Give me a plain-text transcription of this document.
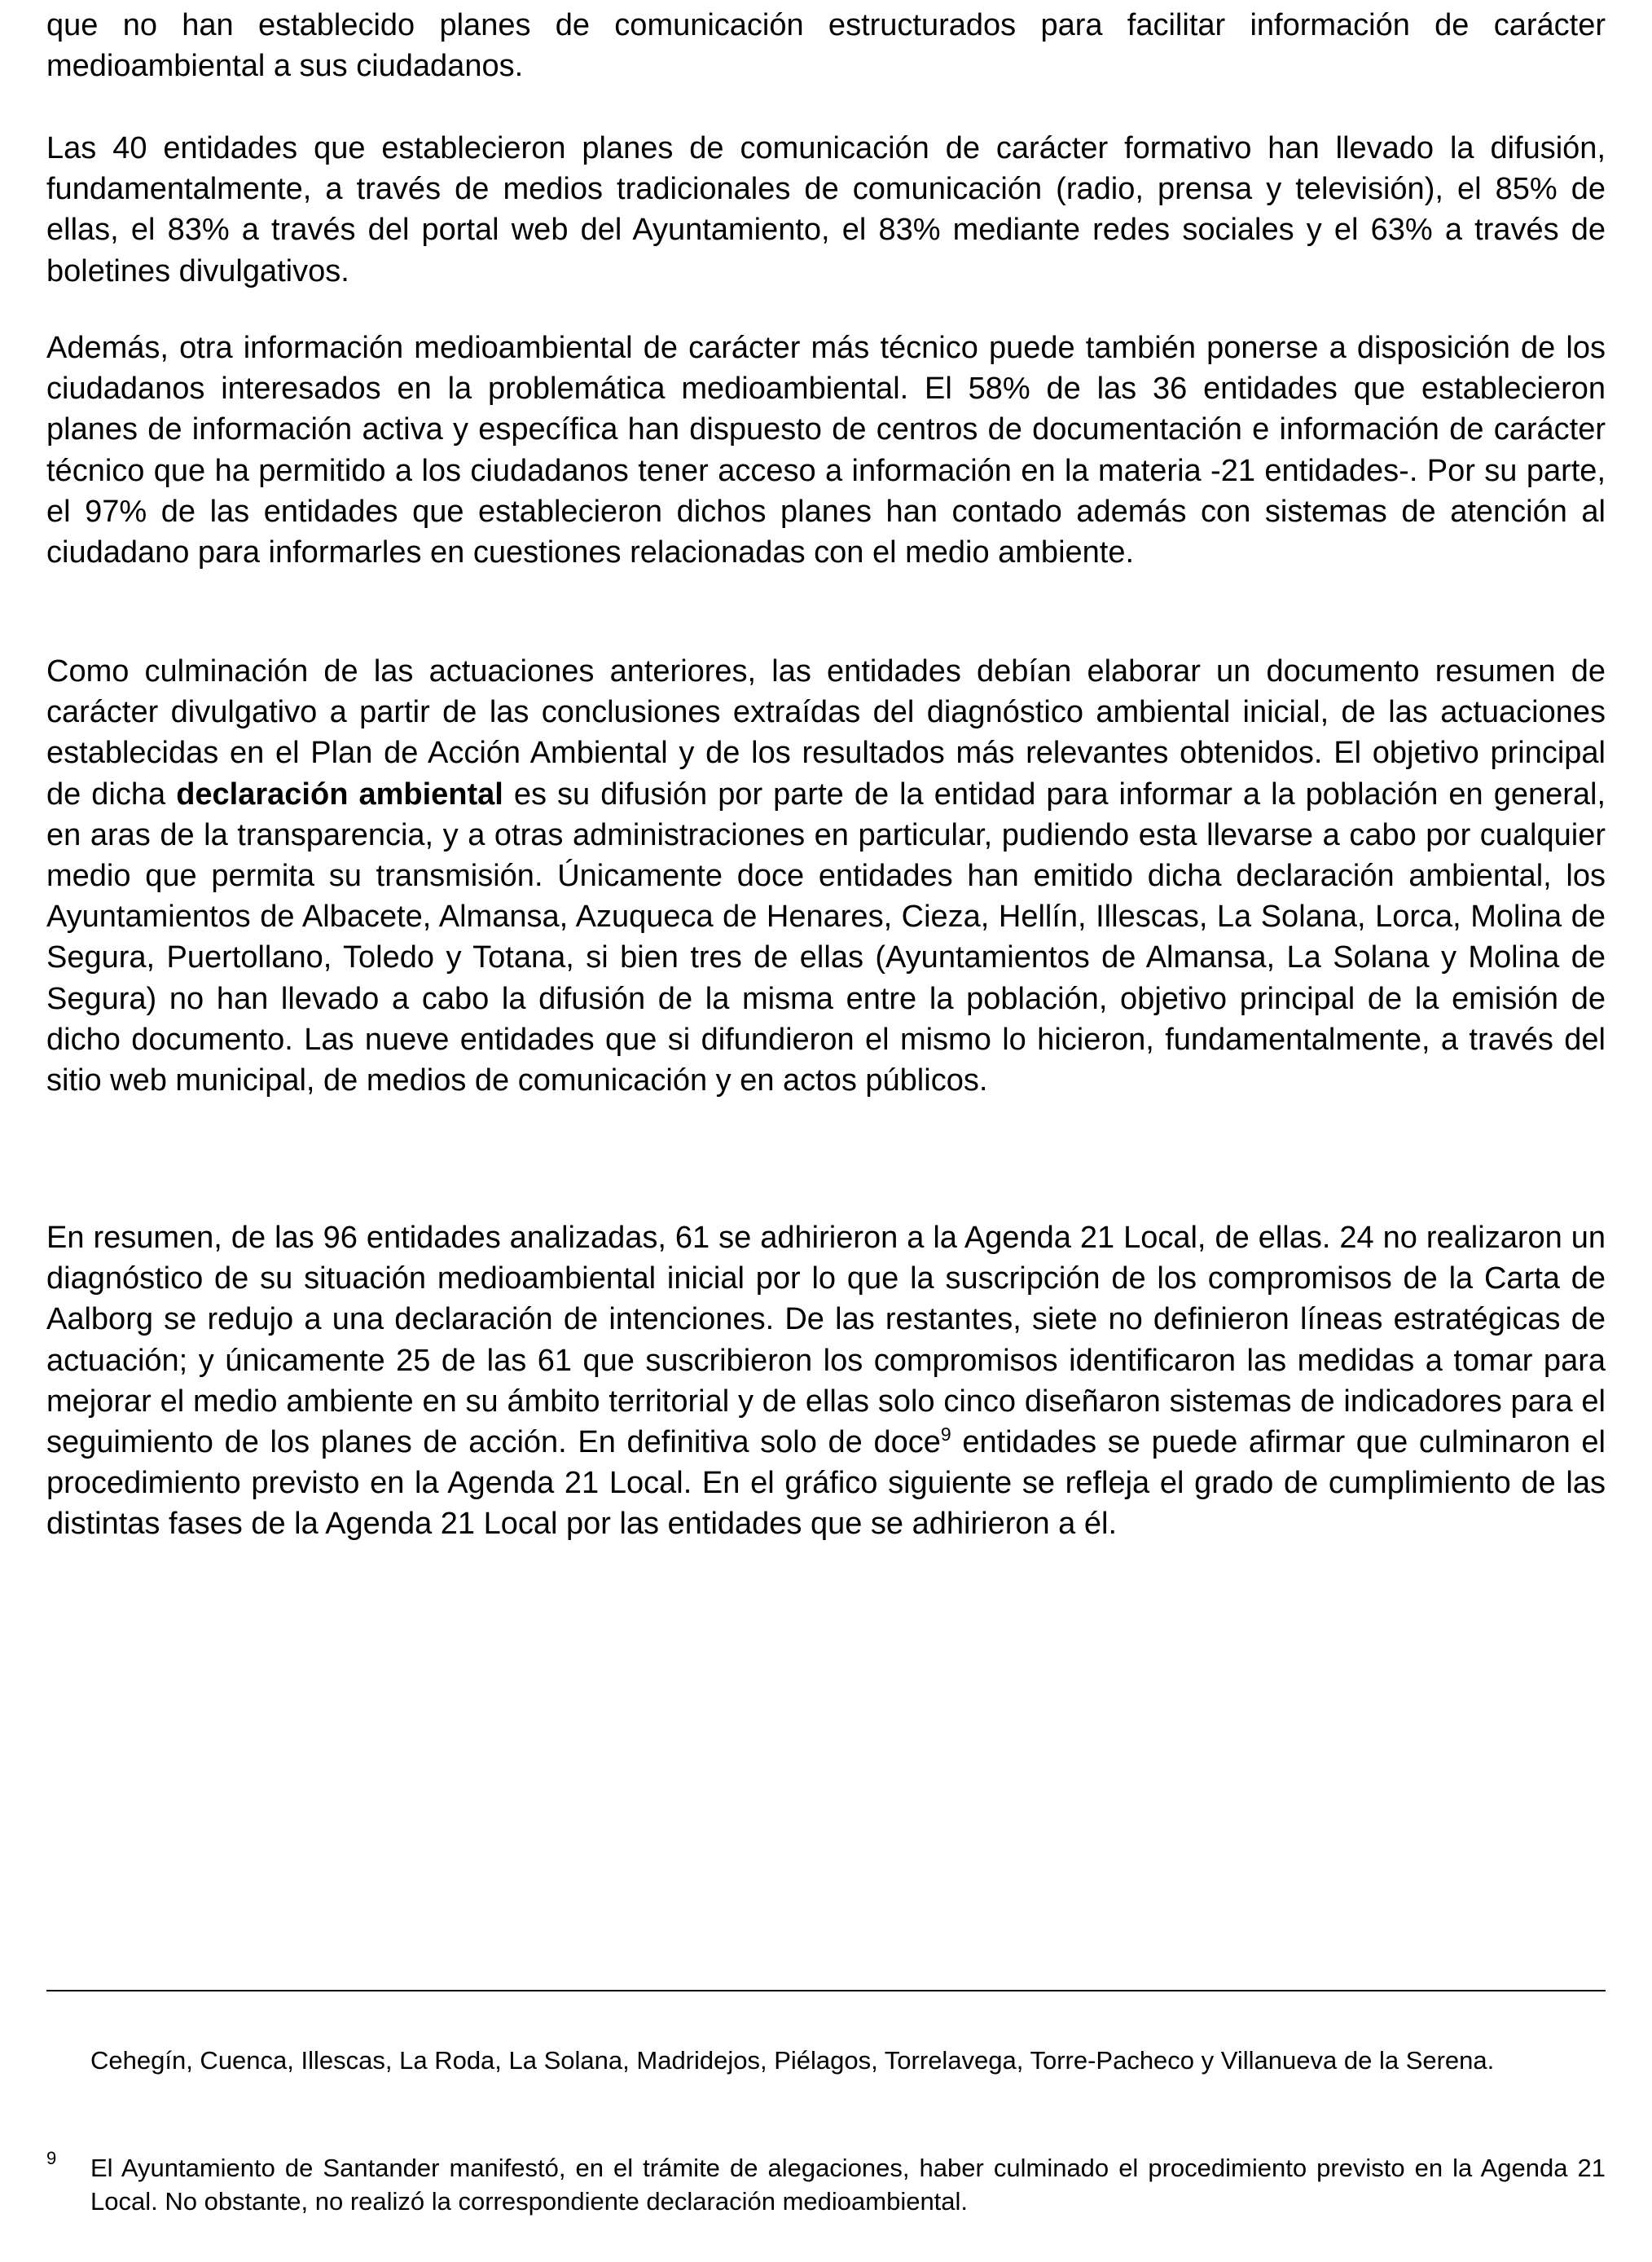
que no han establecido planes de comunicación estructurados para facilitar información de carácter medioambiental a sus ciudadanos.

Las 40 entidades que establecieron planes de comunicación de carácter formativo han llevado la difusión, fundamentalmente, a través de medios tradicionales de comunicación (radio, prensa y televisión), el 85% de ellas, el 83% a través del portal web del Ayuntamiento, el 83% mediante redes sociales y el 63% a través de boletines divulgativos.

Además, otra información medioambiental de carácter más técnico puede también ponerse a disposición de los ciudadanos interesados en la problemática medioambiental. El 58% de las 36 entidades que establecieron planes de información activa y específica han dispuesto de centros de documentación e información de carácter técnico que ha permitido a los ciudadanos tener acceso a información en la materia -21 entidades-. Por su parte, el 97% de las entidades que establecieron dichos planes han contado además con sistemas de atención al ciudadano para informarles en cuestiones relacionadas con el medio ambiente.

Como culminación de las actuaciones anteriores, las entidades debían elaborar un documento resumen de carácter divulgativo a partir de las conclusiones extraídas del diagnóstico ambiental inicial, de las actuaciones establecidas en el Plan de Acción Ambiental y de los resultados más relevantes obtenidos. El objetivo principal de dicha declaración ambiental es su difusión por parte de la entidad para informar a la población en general, en aras de la transparencia, y a otras administraciones en particular, pudiendo esta llevarse a cabo por cualquier medio que permita su transmisión. Únicamente doce entidades han emitido dicha declaración ambiental, los Ayuntamientos de Albacete, Almansa, Azuqueca de Henares, Cieza, Hellín, Illescas, La Solana, Lorca, Molina de Segura, Puertollano, Toledo y Totana, si bien tres de ellas (Ayuntamientos de Almansa, La Solana y Molina de Segura) no han llevado a cabo la difusión de la misma entre la población, objetivo principal de la emisión de dicho documento. Las nueve entidades que si difundieron el mismo lo hicieron, fundamentalmente, a través del sitio web municipal, de medios de comunicación y en actos públicos.

En resumen, de las 96 entidades analizadas, 61 se adhirieron a la Agenda 21 Local, de ellas. 24 no realizaron un diagnóstico de su situación medioambiental inicial por lo que la suscripción de los compromisos de la Carta de Aalborg se redujo a una declaración de intenciones. De las restantes, siete no definieron líneas estratégicas de actuación; y únicamente 25 de las 61 que suscribieron los compromisos identificaron las medidas a tomar para mejorar el medio ambiente en su ámbito territorial y de ellas solo cinco diseñaron sistemas de indicadores para el seguimiento de los planes de acción. En definitiva solo de doce$^9$ entidades se puede afirmar que culminaron el procedimiento previsto en la Agenda 21 Local. En el gráfico siguiente se refleja el grado de cumplimiento de las distintas fases de la Agenda 21 Local por las entidades que se adhirieron a él.

Cehegín, Cuenca, Illescas, La Roda, La Solana, Madridejos, Piélagos, Torrelavega, Torre-Pacheco y Villanueva de la Serena.

9 El Ayuntamiento de Santander manifestó, en el trámite de alegaciones, haber culminado el procedimiento previsto en la Agenda 21 Local. No obstante, no realizó la correspondiente declaración medioambiental.
